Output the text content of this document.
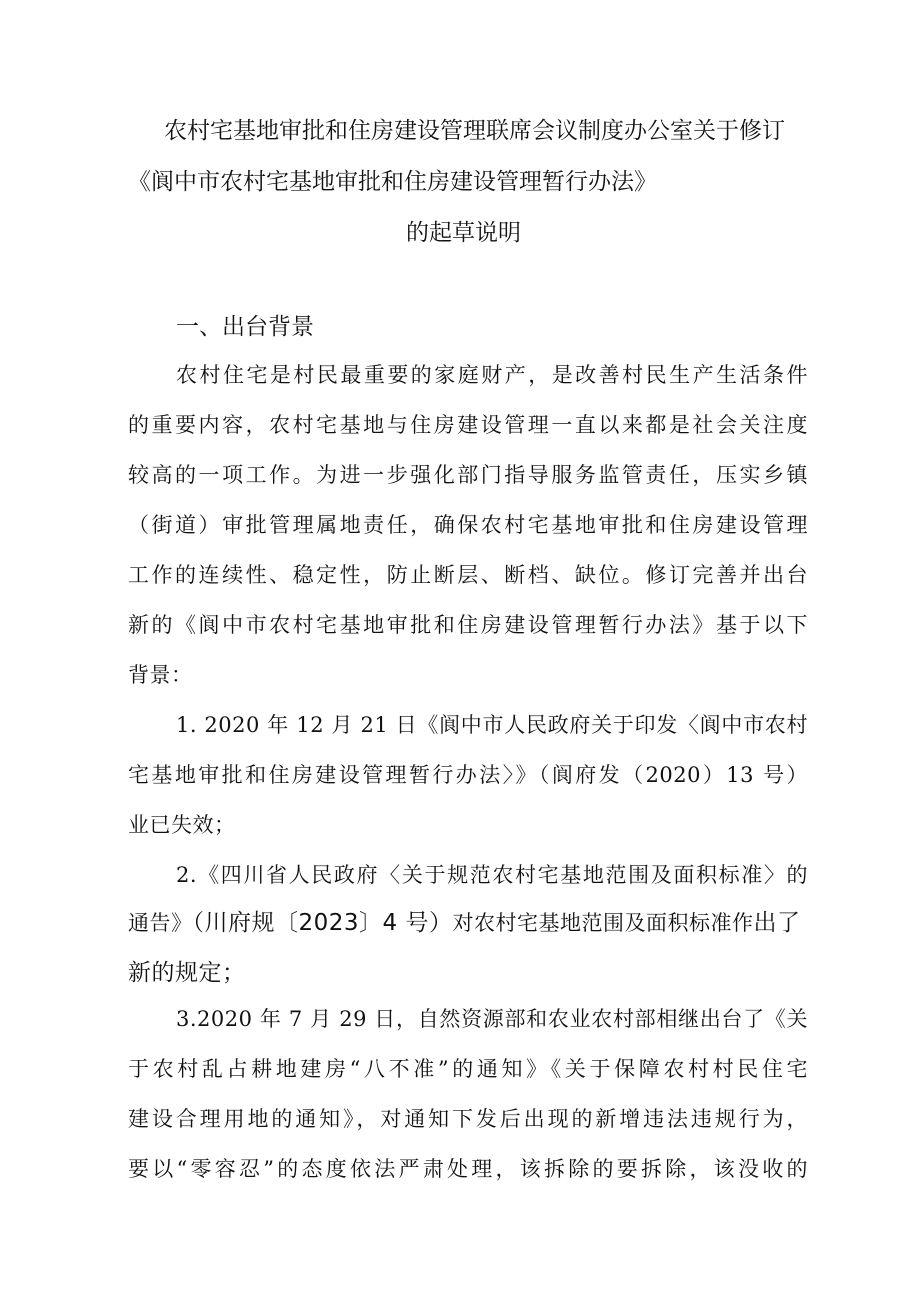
农村宅基地审批和住房建设管理联席会议制度办公室关于修订
《阆中市农村宅基地审批和住房建设管理暂行办法》
的起草说明
一、出台背景
农村住宅是村民最重要的家庭财产，是改善村民生产生活条件
的重要内容，农村宅基地与住房建设管理一直以来都是社会关注度
较高的一项工作。为进一步强化部门指导服务监管责任，压实乡镇
（街道）审批管理属地责任，确保农村宅基地审批和住房建设管理
工作的连续性、稳定性，防止断层、断档、缺位。修订完善并出台
新的《阆中市农村宅基地审批和住房建设管理暂行办法》基于以下
背景：
1. 2020 年 12 月 21 日《阆中市人民政府关于印发〈阆中市农村
宅基地审批和住房建设管理暂行办法〉》（阆府发（2020）13 号）
业已失效；
2.《四川省人民政府〈关于规范农村宅基地范围及面积标准〉的
通告》（川府规〔2023〕4 号）对农村宅基地范围及面积标准作出了
新的规定；
3.2020 年 7 月 29 日，自然资源部和农业农村部相继出台了《关
于农村乱占耕地建房“八不准”的通知》《关于保障农村村民住宅
建设合理用地的通知》，对通知下发后出现的新增违法违规行为，
要以“零容忍”的态度依法严肃处理，该拆除的要拆除，该没收的
